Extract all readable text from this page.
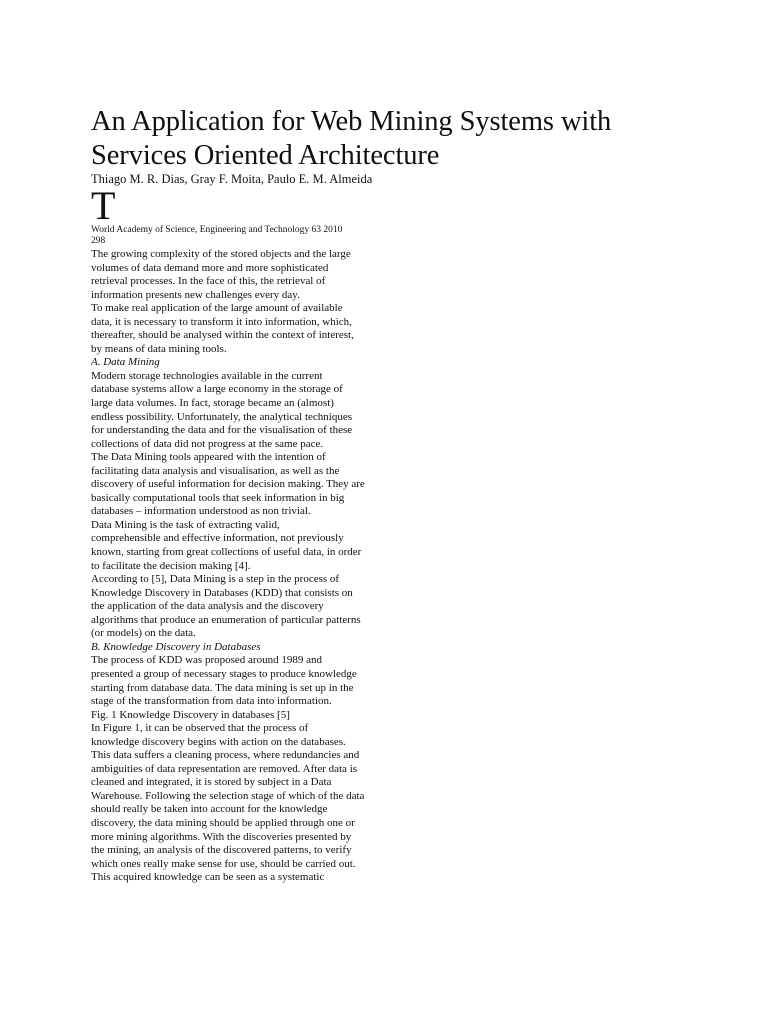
An Application for Web Mining Systems with Services Oriented Architecture
Thiago M. R. Dias, Gray F. Moita, Paulo E. M. Almeida
T
World Academy of Science, Engineering and Technology 63 2010
298
The growing complexity of the stored objects and the large
volumes of data demand more and more sophisticated
retrieval processes. In the face of this, the retrieval of
information presents new challenges every day.
To make real application of the large amount of available
data, it is necessary to transform it into information, which,
thereafter, should be analysed within the context of interest,
by means of data mining tools.
A. Data Mining
Modern storage technologies available in the current
database systems allow a large economy in the storage of
large data volumes. In fact, storage became an (almost)
endless possibility. Unfortunately, the analytical techniques
for understanding the data and for the visualisation of these
collections of data did not progress at the same pace.
The Data Mining tools appeared with the intention of
facilitating data analysis and visualisation, as well as the
discovery of useful information for decision making. They are
basically computational tools that seek information in big
databases – information understood as non trivial.
Data Mining is the task of extracting valid,
comprehensible and effective information, not previously
known, starting from great collections of useful data, in order
to facilitate the decision making [4].
According to [5], Data Mining is a step in the process of
Knowledge Discovery in Databases (KDD) that consists on
the application of the data analysis and the discovery
algorithms that produce an enumeration of particular patterns
(or models) on the data.
B. Knowledge Discovery in Databases
The process of KDD was proposed around 1989 and
presented a group of necessary stages to produce knowledge
starting from database data. The data mining is set up in the
stage of the transformation from data into information.
Fig. 1 Knowledge Discovery in databases [5]
In Figure 1, it can be observed that the process of
knowledge discovery begins with action on the databases.
This data suffers a cleaning process, where redundancies and
ambiguities of data representation are removed. After data is
cleaned and integrated, it is stored by subject in a Data
Warehouse. Following the selection stage of which of the data
should really be taken into account for the knowledge
discovery, the data mining should be applied through one or
more mining algorithms. With the discoveries presented by
the mining, an analysis of the discovered patterns, to verify
which ones really make sense for use, should be carried out.
This acquired knowledge can be seen as a systematic
